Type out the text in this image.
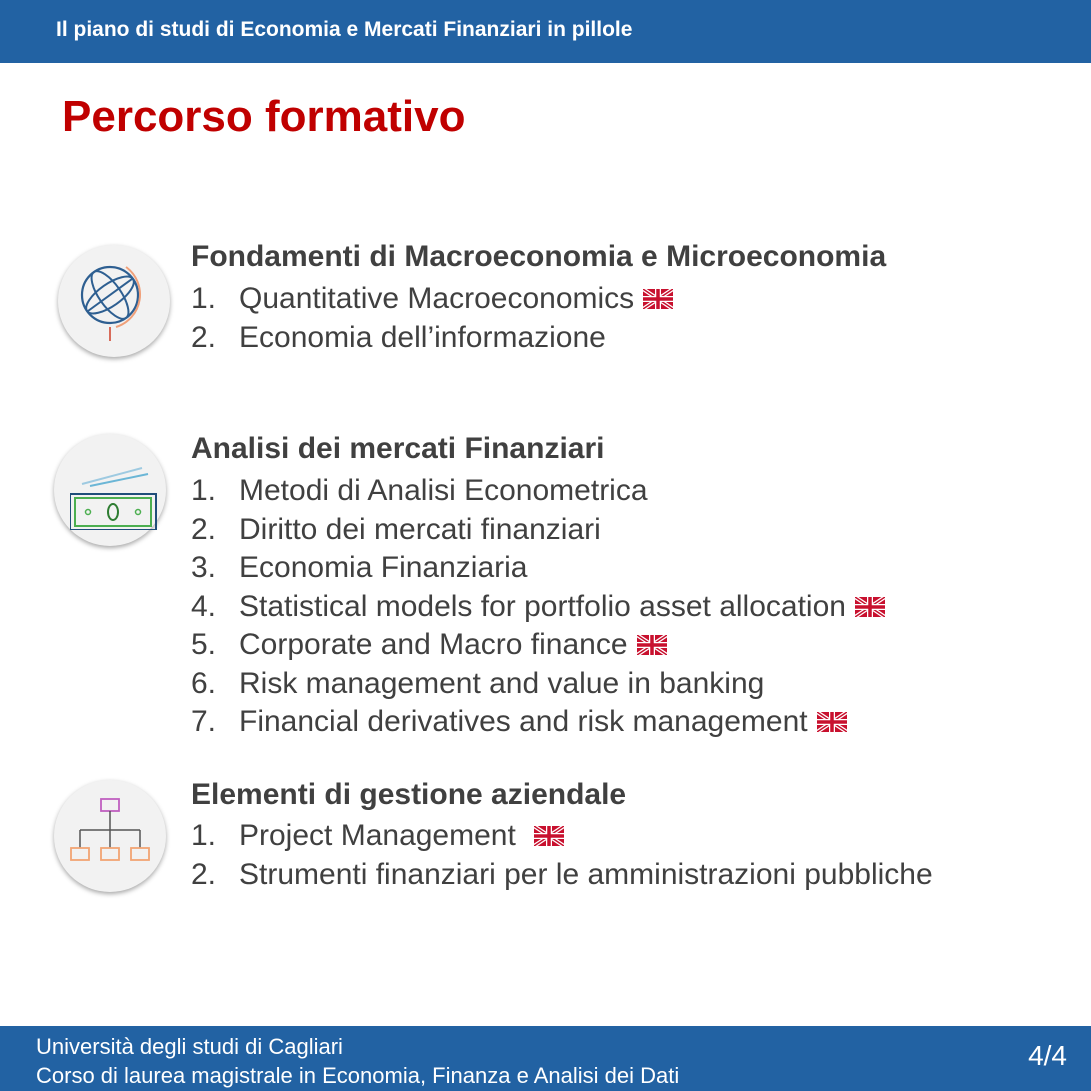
Il piano di studi di Economia e Mercati Finanziari in pillole
Percorso formativo
Fondamenti di Macroeconomia e Microeconomia
1. Quantitative Macroeconomics
2. Economia dell’informazione
Analisi dei mercati Finanziari
1. Metodi di Analisi Econometrica
2. Diritto dei mercati finanziari
3. Economia Finanziaria
4. Statistical models for portfolio asset allocation
5. Corporate and Macro finance
6. Risk management and value in banking
7. Financial derivatives and risk management
Elementi di gestione aziendale
1. Project Management
2. Strumenti finanziari per le amministrazioni pubbliche
Università degli studi di Cagliari
Corso di laurea magistrale in Economia, Finanza e Analisi dei Dati
4/4
